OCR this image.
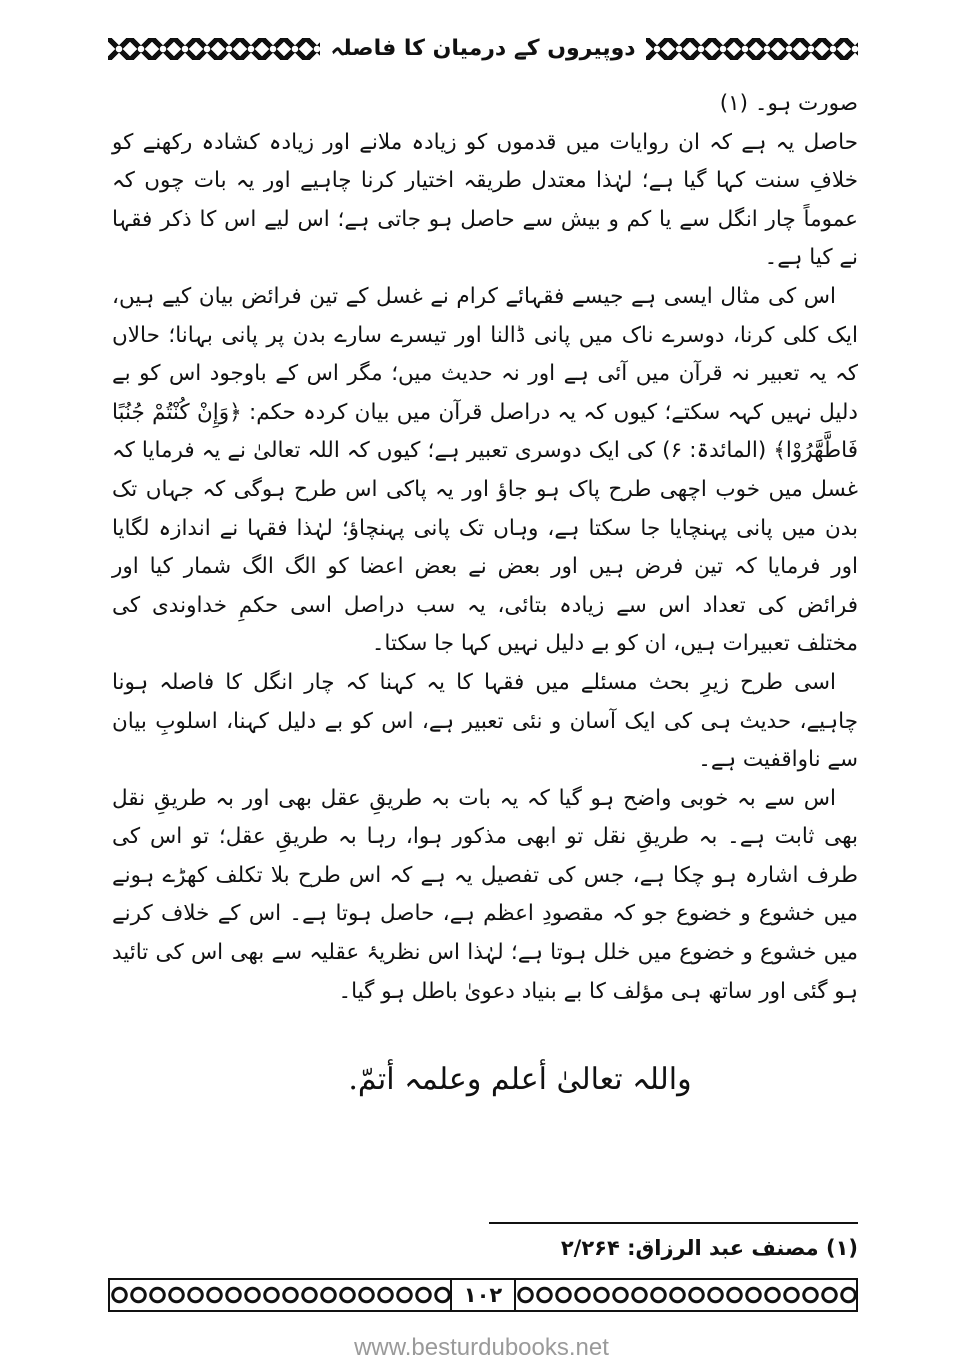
دوپیروں کے درمیان کا فاصلہ

صورت ہو۔ (۱)

حاصل یہ ہے کہ ان روایات میں قدموں کو زیادہ ملانے اور زیادہ کشادہ رکھنے کو خلافِ سنت کہا گیا ہے؛ لہٰذا معتدل طریقہ اختیار کرنا چاہیے اور یہ بات چوں کہ عموماً چار انگل سے یا کم و بیش سے حاصل ہو جاتی ہے؛ اس لیے اس کا ذکر فقہا نے کیا ہے۔

اس کی مثال ایسی ہے جیسے فقہائے کرام نے غسل کے تین فرائض بیان کیے ہیں، ایک کلی کرنا، دوسرے ناک میں پانی ڈالنا اور تیسرے سارے بدن پر پانی بہانا؛ حالاں کہ یہ تعبیر نہ قرآن میں آئی ہے اور نہ حدیث میں؛ مگر اس کے باوجود اس کو بے دلیل نہیں کہہ سکتے؛ کیوں کہ یہ دراصل قرآن میں بیان کردہ حکم: ﴿وَإِنْ كُنْتُمْ جُنُبًا فَاطَّهَّرُوْا﴾ (المائدۃ: ۶) کی ایک دوسری تعبیر ہے؛ کیوں کہ اللہ تعالیٰ نے یہ فرمایا کہ غسل میں خوب اچھی طرح پاک ہو جاؤ اور یہ پاکی اس طرح ہوگی کہ جہاں تک بدن میں پانی پہنچایا جا سکتا ہے، وہاں تک پانی پہنچاؤ؛ لہٰذا فقہا نے اندازہ لگایا اور فرمایا کہ تین فرض ہیں اور بعض نے بعض اعضا کو الگ الگ شمار کیا اور فرائض کی تعداد اس سے زیادہ بتائی، یہ سب دراصل اسی حکمِ خداوندی کی مختلف تعبیرات ہیں، ان کو بے دلیل نہیں کہا جا سکتا۔

اسی طرح زیرِ بحث مسئلے میں فقہا کا یہ کہنا کہ چار انگل کا فاصلہ ہونا چاہیے، حدیث ہی کی ایک آسان و نئی تعبیر ہے، اس کو بے دلیل کہنا، اسلوبِ بیان سے ناواقفیت ہے۔

اس سے بہ خوبی واضح ہو گیا کہ یہ بات بہ طریقِ عقل بھی اور بہ طریقِ نقل بھی ثابت ہے۔ بہ طریقِ نقل تو ابھی مذکور ہوا، رہا بہ طریقِ عقل؛ تو اس کی طرف اشارہ ہو چکا ہے، جس کی تفصیل یہ ہے کہ اس طرح بلا تکلف کھڑے ہونے میں خشوع و خضوع جو کہ مقصودِ اعظم ہے، حاصل ہوتا ہے۔ اس کے خلاف کرنے میں خشوع و خضوع میں خلل ہوتا ہے؛ لہٰذا اس نظریۂ عقلیہ سے بھی اس کی تائید ہو گئی اور ساتھ ہی مؤلف کا بے بنیاد دعویٰ باطل ہو گیا۔

واللہ تعالیٰ أعلم وعلمہ أتمّ.
(۱) مصنف عبد الرزاق: ۲/۲۶۴
۱۰۲
www.besturdubooks.net
